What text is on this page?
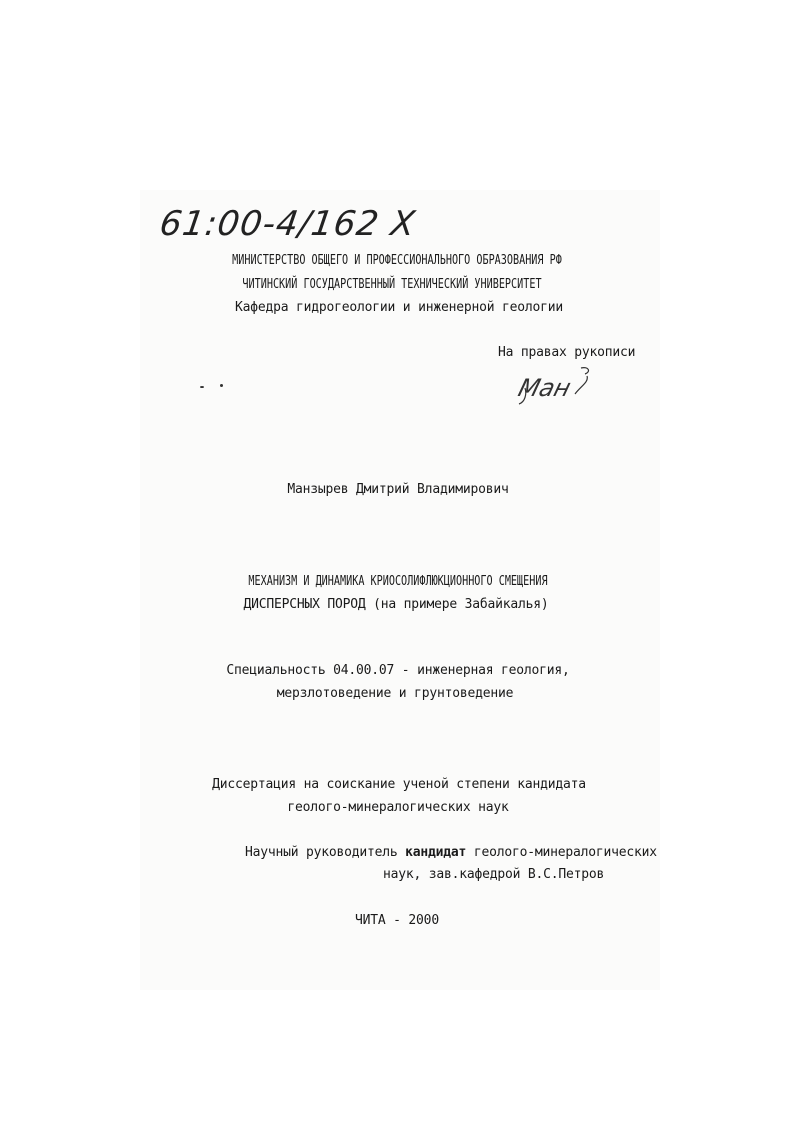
61:00-4/162 X
МИНИСТЕРСТВО ОБЩЕГО И ПРОФЕССИОНАЛЬНОГО ОБРАЗОВАНИЯ РФ
ЧИТИНСКИЙ ГОСУДАРСТВЕННЫЙ ТЕХНИЧЕСКИЙ УНИВЕРСИТЕТ
Кафедра гидрогеологии и инженерной геологии
На правах рукописи
Ман
Манзырев Дмитрий Владимирович
МЕХАНИЗМ И ДИНАМИКА КРИОСОЛИФЛЮКЦИОННОГО СМЕЩЕНИЯ
ДИСПЕРСНЫХ ПОРОД (на примере Забайкалья)
Специальность 04.00.07 - инженерная геология,
мерзлотоведение и грунтоведение
Диссертация на соискание ученой степени кандидата
геолого-минералогических наук
Научный руководитель кандидат геолого-минералогических
наук, зав.кафедрой В.С.Петров
ЧИТА - 2000
